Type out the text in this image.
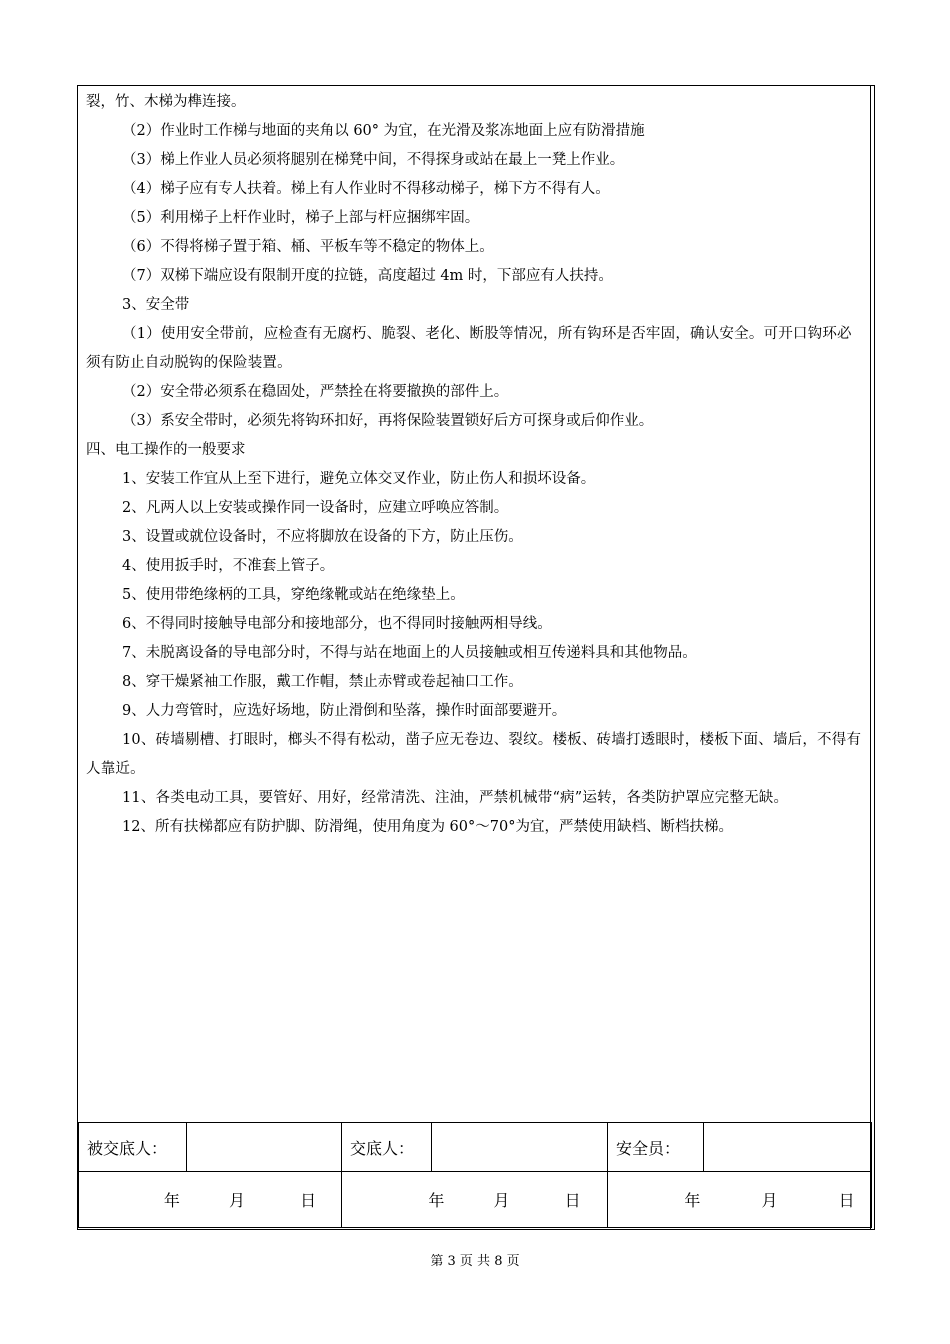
裂，竹、木梯为榫连接。
（2）作业时工作梯与地面的夹角以 60° 为宜，在光滑及浆冻地面上应有防滑措施
（3）梯上作业人员必须将腿别在梯凳中间，不得探身或站在最上一凳上作业。
（4）梯子应有专人扶着。梯上有人作业时不得移动梯子，梯下方不得有人。
（5）利用梯子上杆作业时，梯子上部与杆应捆绑牢固。
（6）不得将梯子置于箱、桶、平板车等不稳定的物体上。
（7）双梯下端应设有限制开度的拉链，高度超过 4m 时，下部应有人扶持。
3、安全带
（1）使用安全带前，应检查有无腐朽、脆裂、老化、断股等情况，所有钩环是否牢固，确认安全。可开口钩环必须有防止自动脱钩的保险装置。
（2）安全带必须系在稳固处，严禁拴在将要撤换的部件上。
（3）系安全带时，必须先将钩环扣好，再将保险装置锁好后方可探身或后仰作业。
四、电工操作的一般要求
1、安装工作宜从上至下进行，避免立体交叉作业，防止伤人和损坏设备。
2、凡两人以上安装或操作同一设备时，应建立呼唤应答制。
3、设置或就位设备时，不应将脚放在设备的下方，防止压伤。
4、使用扳手时，不准套上管子。
5、使用带绝缘柄的工具，穿绝缘靴或站在绝缘垫上。
6、不得同时接触导电部分和接地部分，也不得同时接触两相导线。
7、未脱离设备的导电部分时，不得与站在地面上的人员接触或相互传递料具和其他物品。
8、穿干燥紧袖工作服，戴工作帽，禁止赤臂或卷起袖口工作。
9、人力弯管时，应选好场地，防止滑倒和坠落，操作时面部要避开。
10、砖墙剔槽、打眼时，榔头不得有松动，凿子应无卷边、裂纹。楼板、砖墙打透眼时，楼板下面、墙后，不得有人靠近。
11、各类电动工具，要管好、用好，经常清洗、注油，严禁机械带“病”运转，各类防护罩应完整无缺。
12、所有扶梯都应有防护脚、防滑绳，使用角度为 60°～70°为宜，严禁使用缺档、断档扶梯。
被交底人：		交底人：		安全员：	
年 月 日		年 月 日		年 月 日	
第 3 页 共 8 页
